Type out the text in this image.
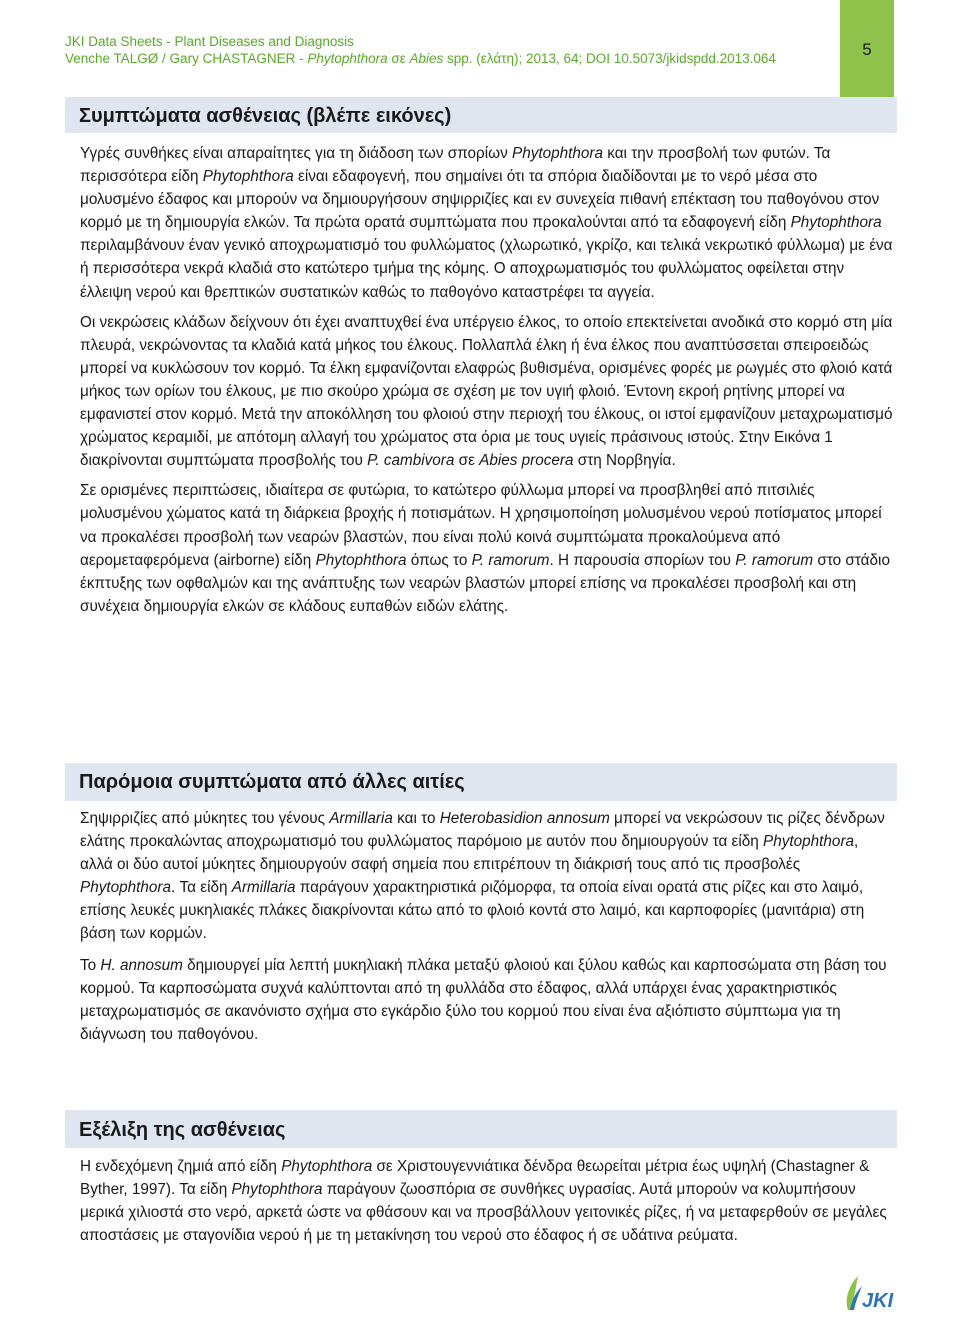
JKI Data Sheets - Plant Diseases and Diagnosis
Venche TALGØ / Gary CHASTAGNER - Phytophthora σε Abies spp. (ελάτη); 2013, 64; DOI 10.5073/jkidspdd.2013.064	5
Συμπτώματα ασθένειας (βλέπε εικόνες)

Υγρές συνθήκες είναι απαραίτητες για τη διάδοση των σπορίων Phytophthora και την προσβολή των φυτών. Τα περισσότερα είδη Phytophthora είναι εδαφογενή, που σημαίνει ότι τα σπόρια διαδίδονται με το νερό μέσα στο μολυσμένο έδαφος και μπορούν να δημιουργήσουν σηψιρριζίες και εν συνεχεία πιθανή επέκταση του παθογόνου στον κορμό με τη δημιουργία ελκών. Τα πρώτα ορατά συμπτώματα που προκαλούνται από τα εδαφογενή είδη Phytophthora περιλαμβάνουν έναν γενικό αποχρωματισμό του φυλλώματος (χλωρωτικό, γκρίζο, και τελικά νεκρωτικό φύλλωμα) με ένα ή περισσότερα νεκρά κλαδιά στο κατώτερο τμήμα της κόμης. Ο αποχρωματισμός του φυλλώματος οφείλεται στην έλλειψη νερού και θρεπτικών συστατικών καθώς το παθογόνο καταστρέφει τα αγγεία.

Οι νεκρώσεις κλάδων δείχνουν ότι έχει αναπτυχθεί ένα υπέργειο έλκος, το οποίο επεκτείνεται ανοδικά στο κορμό στη μία πλευρά, νεκρώνοντας τα κλαδιά κατά μήκος του έλκους. Πολλαπλά έλκη ή ένα έλκος που αναπτύσσεται σπειροειδώς μπορεί να κυκλώσουν τον κορμό. Τα έλκη εμφανίζονται ελαφρώς βυθισμένα, ορισμένες φορές με ρωγμές στο φλοιό κατά μήκος των ορίων του έλκους, με πιο σκούρο χρώμα σε σχέση με τον υγιή φλοιό. Έντονη εκροή ρητίνης μπορεί να εμφανιστεί στον κορμό. Μετά την αποκόλληση του φλοιού στην περιοχή του έλκους, οι ιστοί εμφανίζουν μεταχρωματισμό χρώματος κεραμιδί, με απότομη αλλαγή του χρώματος στα όρια με τους υγιείς πράσινους ιστούς. Στην Εικόνα 1 διακρίνονται συμπτώματα προσβολής του P. cambivora σε Abies procera στη Νορβηγία.

Σε ορισμένες περιπτώσεις, ιδιαίτερα σε φυτώρια, το κατώτερο φύλλωμα μπορεί να προσβληθεί από πιτσιλιές μολυσμένου χώματος κατά τη διάρκεια βροχής ή ποτισμάτων. Η χρησιμοποίηση μολυσμένου νερού ποτίσματος μπορεί να προκαλέσει προσβολή των νεαρών βλαστών, που είναι πολύ κοινά συμπτώματα προκαλούμενα από αερομεταφερόμενα (airborne) είδη Phytophthora όπως το P. ramorum. Η παρουσία σπορίων του P. ramorum στο στάδιο έκπτυξης των οφθαλμών και της ανάπτυξης των νεαρών βλαστών μπορεί επίσης να προκαλέσει προσβολή και στη συνέχεια δημιουργία ελκών σε κλάδους ευπαθών ειδών ελάτης.

Παρόμοια συμπτώματα από άλλες αιτίες

Σηψιρριζίες από μύκητες του γένους Armillaria και το Heterobasidion annosum μπορεί να νεκρώσουν τις ρίζες δένδρων ελάτης προκαλώντας αποχρωματισμό του φυλλώματος παρόμοιο με αυτόν που δημιουργούν τα είδη Phytophthora, αλλά οι δύο αυτοί μύκητες δημιουργούν σαφή σημεία που επιτρέπουν τη διάκρισή τους από τις προσβολές Phytophthora. Τα είδη Armillaria παράγουν χαρακτηριστικά ριζόμορφα, τα οποία είναι ορατά στις ρίζες και στο λαιμό, επίσης λευκές μυκηλιακές πλάκες διακρίνονται κάτω από το φλοιό κοντά στο λαιμό, και καρποφορίες (μανιτάρια) στη βάση των κορμών.

Το H. annosum δημιουργεί μία λεπτή μυκηλιακή πλάκα μεταξύ φλοιού και ξύλου καθώς και καρποσώματα στη βάση του κορμού. Τα καρποσώματα συχνά καλύπτονται από τη φυλλάδα στο έδαφος, αλλά υπάρχει ένας χαρακτηριστικός μεταχρωματισμός σε ακανόνιστο σχήμα στο εγκάρδιο ξύλο του κορμού που είναι ένα αξιόπιστο σύμπτωμα για τη διάγνωση του παθογόνου.

Εξέλιξη της ασθένειας

Η ενδεχόμενη ζημιά από είδη Phytophthora σε Χριστουγεννιάτικα δένδρα θεωρείται μέτρια έως υψηλή (Chastagner & Byther, 1997). Τα είδη Phytophthora παράγουν ζωοσπόρια σε συνθήκες υγρασίας. Αυτά μπορούν να κολυμπήσουν μερικά χιλιοστά στο νερό, αρκετά ώστε να φθάσουν και να προσβάλλουν γειτονικές ρίζες, ή να μεταφερθούν σε μεγάλες αποστάσεις με σταγονίδια νερού ή με τη μετακίνηση του νερού στο έδαφος ή σε υδάτινα ρεύματα.

JKI
